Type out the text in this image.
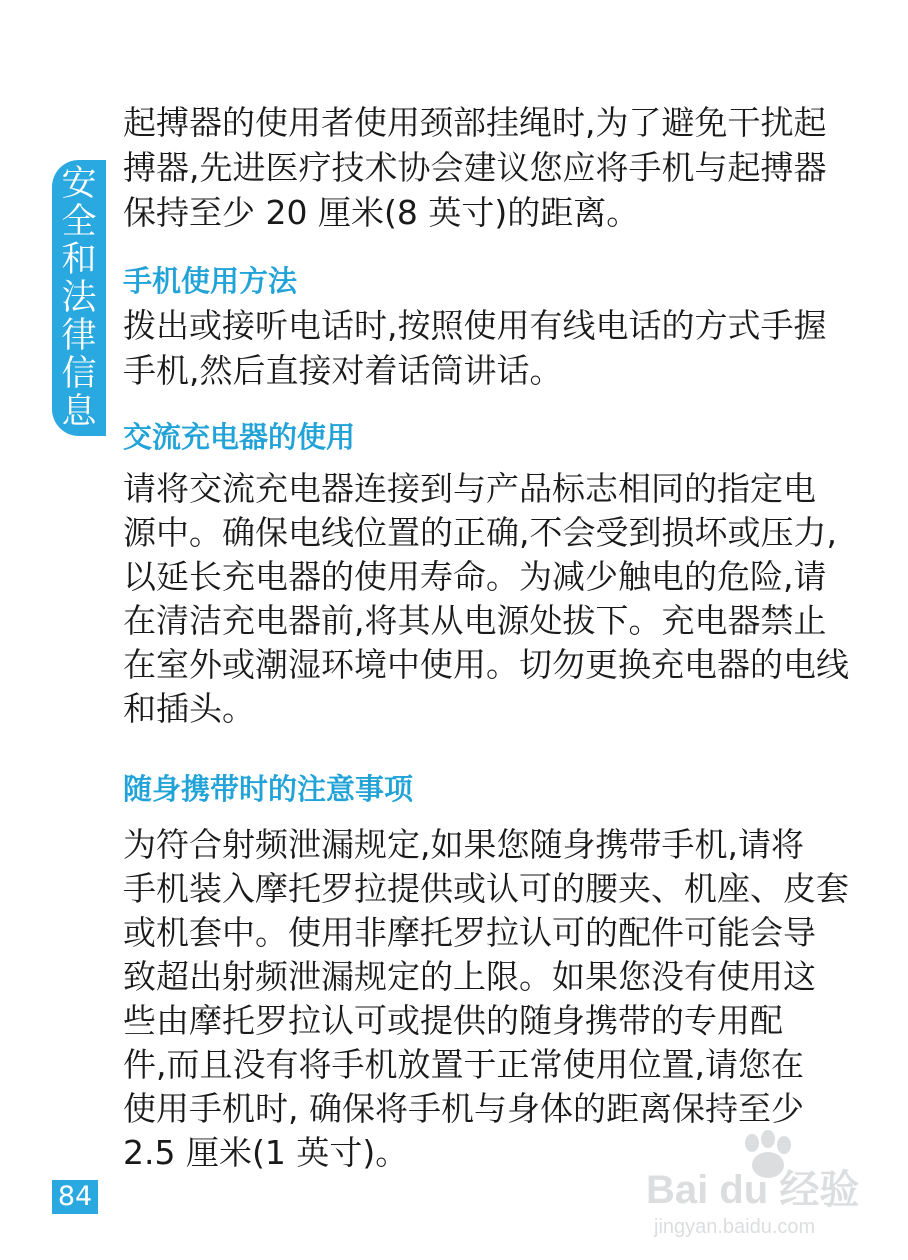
安
全
和
法
律
信
息

起搏器的使用者使用颈部挂绳时,为了避免干扰起
搏器,先进医疗技术协会建议您应将手机与起搏器
保持至少 20 厘米(8 英寸)的距离。

手机使用方法

拨出或接听电话时,按照使用有线电话的方式手握
手机,然后直接对着话筒讲话。

交流充电器的使用

请将交流充电器连接到与产品标志相同的指定电
源中。确保电线位置的正确,不会受到损坏或压力,
以延长充电器的使用寿命。为减少触电的危险,请
在清洁充电器前,将其从电源处拔下。充电器禁止
在室外或潮湿环境中使用。切勿更换充电器的电线
和插头。

随身携带时的注意事项

为符合射频泄漏规定,如果您随身携带手机,请将
手机装入摩托罗拉提供或认可的腰夹、机座、皮套
或机套中。使用非摩托罗拉认可的配件可能会导
致超出射频泄漏规定的上限。如果您没有使用这
些由摩托罗拉认可或提供的随身携带的专用配
件,而且没有将手机放置于正常使用位置,请您在
使用手机时, 确保将手机与身体的距离保持至少
2.5 厘米(1 英寸)。

84	Bai du 经验
jingyan.baidu.com
